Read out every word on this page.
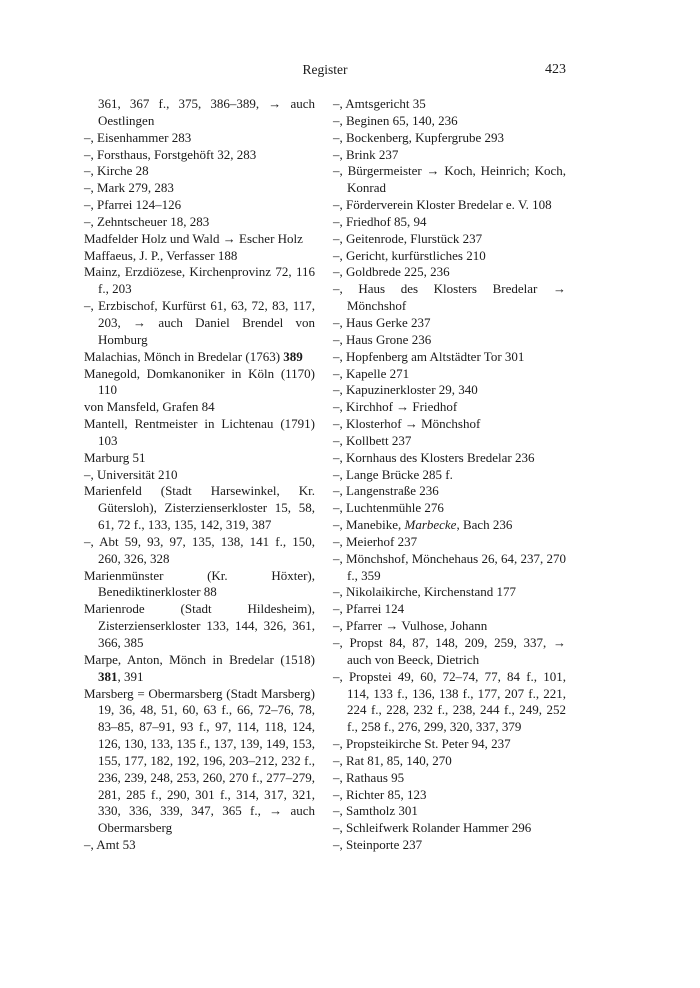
Register	423
361, 367 f., 375, 386–389, → auch Oestlingen
–, Eisenhammer 283
–, Forsthaus, Forstgehöft 32, 283
–, Kirche 28
–, Mark 279, 283
–, Pfarrei 124–126
–, Zehntscheuer 18, 283
Madfelder Holz und Wald → Escher Holz
Maffaeus, J. P., Verfasser 188
Mainz, Erzdiözese, Kirchenprovinz 72, 116 f., 203
–, Erzbischof, Kurfürst 61, 63, 72, 83, 117, 203, → auch Daniel Brendel von Homburg
Malachias, Mönch in Bredelar (1763) 389
Manegold, Domkanoniker in Köln (1170) 110
von Mansfeld, Grafen 84
Mantell, Rentmeister in Lichtenau (1791) 103
Marburg 51
–, Universität 210
Marienfeld (Stadt Harsewinkel, Kr. Gütersloh), Zisterzienserkloster 15, 58, 61, 72 f., 133, 135, 142, 319, 387
–, Abt 59, 93, 97, 135, 138, 141 f., 150, 260, 326, 328
Marienmünster (Kr. Höxter), Benediktinerkloster 88
Marienrode (Stadt Hildesheim), Zisterzienserkloster 133, 144, 326, 361, 366, 385
Marpe, Anton, Mönch in Bredelar (1518) 381, 391
Marsberg = Obermarsberg (Stadt Marsberg) 19, 36, 48, 51, 60, 63 f., 66, 72–76, 78, 83–85, 87–91, 93 f., 97, 114, 118, 124, 126, 130, 133, 135 f., 137, 139, 149, 153, 155, 177, 182, 192, 196, 203–212, 232 f., 236, 239, 248, 253, 260, 270 f., 277–279, 281, 285 f., 290, 301 f., 314, 317, 321, 330, 336, 339, 347, 365 f., → auch Obermarsberg
–, Amt 53
–, Amtsgericht 35
–, Beginen 65, 140, 236
–, Bockenberg, Kupfergrube 293
–, Brink 237
–, Bürgermeister → Koch, Heinrich; Koch, Konrad
–, Förderverein Kloster Bredelar e. V. 108
–, Friedhof 85, 94
–, Geitenrode, Flurstück 237
–, Gericht, kurfürstliches 210
–, Goldbrede 225, 236
–, Haus des Klosters Bredelar → Mönchshof
–, Haus Gerke 237
–, Haus Grone 236
–, Hopfenberg am Altstädter Tor 301
–, Kapelle 271
–, Kapuzinerkloster 29, 340
–, Kirchhof → Friedhof
–, Klosterhof → Mönchshof
–, Kollbett 237
–, Kornhaus des Klosters Bredelar 236
–, Lange Brücke 285 f.
–, Langenstraße 236
–, Luchtenmühle 276
–, Manebike, Marbecke, Bach 236
–, Meierhof 237
–, Mönchshof, Mönchehaus 26, 64, 237, 270 f., 359
–, Nikolaikirche, Kirchenstand 177
–, Pfarrei 124
–, Pfarrer → Vulhose, Johann
–, Propst 84, 87, 148, 209, 259, 337, → auch von Beeck, Dietrich
–, Propstei 49, 60, 72–74, 77, 84 f., 101, 114, 133 f., 136, 138 f., 177, 207 f., 221, 224 f., 228, 232 f., 238, 244 f., 249, 252 f., 258 f., 276, 299, 320, 337, 379
–, Propsteikirche St. Peter 94, 237
–, Rat 81, 85, 140, 270
–, Rathaus 95
–, Richter 85, 123
–, Samtholz 301
–, Schleifwerk Rolander Hammer 296
–, Steinporte 237
